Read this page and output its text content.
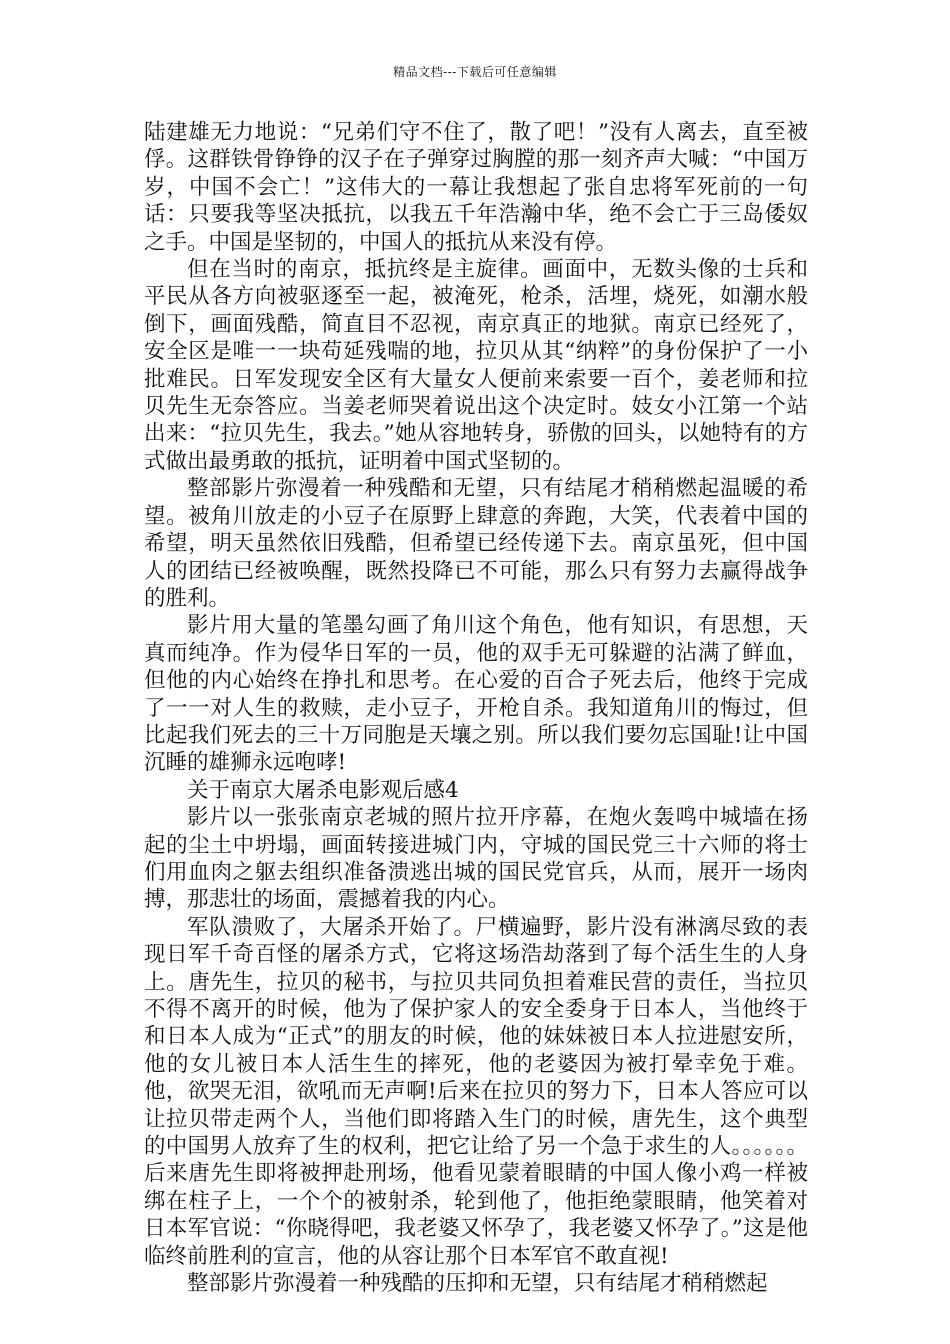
精品文档---下载后可任意编辑

陆建雄无力地说：“兄弟们守不住了，散了吧！”没有人离去，直至被俘。这群铁骨铮铮的汉子在子弹穿过胸膛的那一刻齐声大喊：“中国万岁，中国不会亡！”这伟大的一幕让我想起了张自忠将军死前的一句话：只要我等坚决抵抗，以我五千年浩瀚中华，绝不会亡于三岛倭奴之手。中国是坚韧的，中国人的抵抗从来没有停。

但在当时的南京，抵抗终是主旋律。画面中，无数头像的士兵和平民从各方向被驱逐至一起，被淹死，枪杀，活埋，烧死，如潮水般倒下，画面残酷，简直目不忍视，南京真正的地狱。南京已经死了，安全区是唯一一块苟延残喘的地，拉贝从其“纳粹”的身份保护了一小批难民。日军发现安全区有大量女人便前来索要一百个，姜老师和拉贝先生无奈答应。当姜老师哭着说出这个决定时。妓女小江第一个站出来：“拉贝先生，我去。”她从容地转身，骄傲的回头，以她特有的方式做出最勇敢的抵抗，证明着中国式坚韧的。

整部影片弥漫着一种残酷和无望，只有结尾才稍稍燃起温暖的希望。被角川放走的小豆子在原野上肆意的奔跑，大笑，代表着中国的希望，明天虽然依旧残酷，但希望已经传递下去。南京虽死，但中国人的团结已经被唤醒，既然投降已不可能，那么只有努力去赢得战争的胜利。

影片用大量的笔墨勾画了角川这个角色，他有知识，有思想，天真而纯净。作为侵华日军的一员，他的双手无可躲避的沾满了鲜血，但他的内心始终在挣扎和思考。在心爱的百合子死去后，他终于完成了一一对人生的救赎，走小豆子，开枪自杀。我知道角川的悔过，但比起我们死去的三十万同胞是天壤之别。所以我们要勿忘国耻!让中国沉睡的雄狮永远咆哮!

关于南京大屠杀电影观后感4

影片以一张张南京老城的照片拉开序幕，在炮火轰鸣中城墙在扬起的尘土中坍塌，画面转接进城门内，守城的国民党三十六师的将士们用血肉之躯去组织准备溃逃出城的国民党官兵，从而，展开一场肉搏，那悲壮的场面，震撼着我的内心。

军队溃败了，大屠杀开始了。尸横遍野，影片没有淋漓尽致的表现日军千奇百怪的屠杀方式，它将这场浩劫落到了每个活生生的人身上。唐先生，拉贝的秘书，与拉贝共同负担着难民营的责任，当拉贝不得不离开的时候，他为了保护家人的安全委身于日本人，当他终于和日本人成为“正式”的朋友的时候，他的妹妹被日本人拉进慰安所，他的女儿被日本人活生生的摔死，他的老婆因为被打晕幸免于难。他，欲哭无泪，欲吼而无声啊!后来在拉贝的努力下，日本人答应可以让拉贝带走两个人，当他们即将踏入生门的时候，唐先生，这个典型的中国男人放弃了生的权利，把它让给了另一个急于求生的人。。。。。。后来唐先生即将被押赴刑场，他看见蒙着眼睛的中国人像小鸡一样被绑在柱子上，一个个的被射杀，轮到他了，他拒绝蒙眼睛，他笑着对日本军官说：“你晓得吧，我老婆又怀孕了，我老婆又怀孕了。”这是他临终前胜利的宣言，他的从容让那个日本军官不敢直视!

整部影片弥漫着一种残酷的压抑和无望，只有结尾才稍稍燃起
